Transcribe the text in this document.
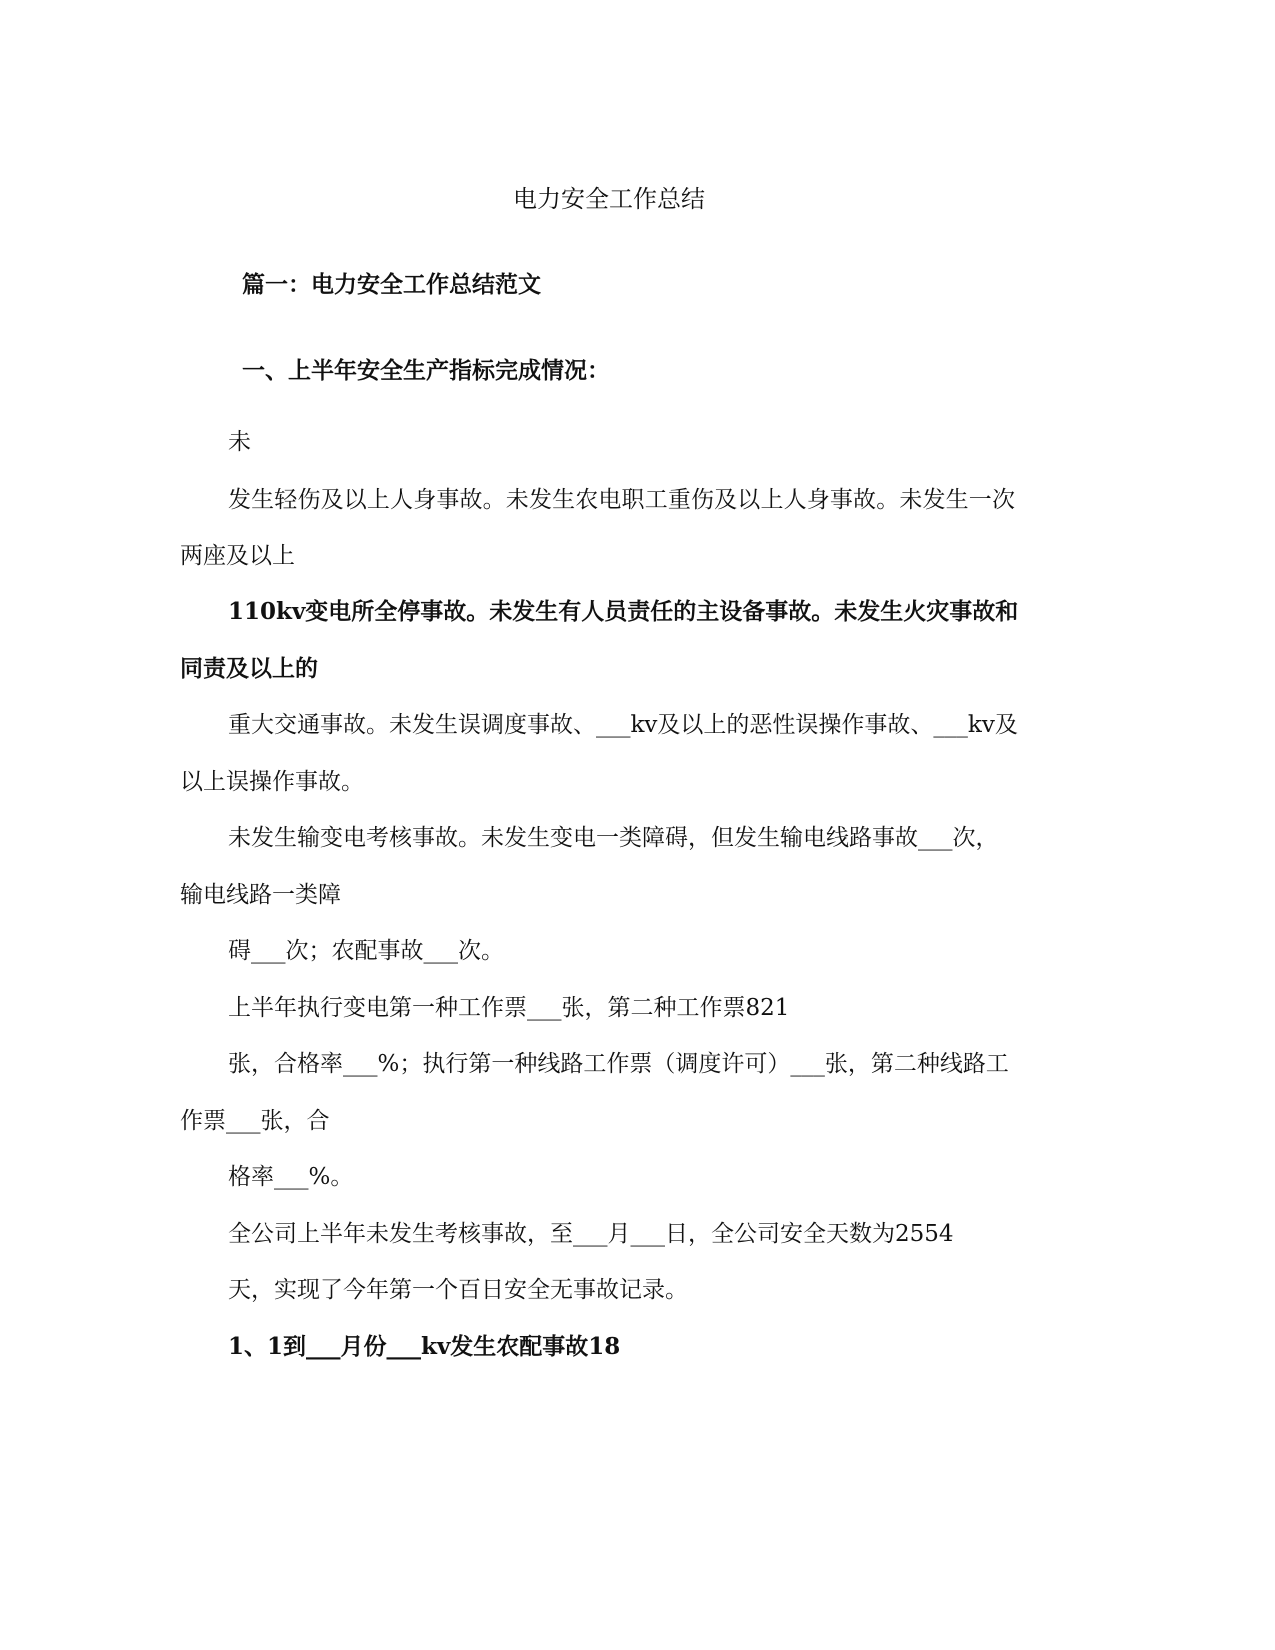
电力安全工作总结

篇一：电力安全工作总结范文

一、上半年安全生产指标完成情况：

未

发生轻伤及以上人身事故。未发生农电职工重伤及以上人身事故。未发生一次

两座及以上

110kv变电所全停事故。未发生有人员责任的主设备事故。未发生火灾事故和

同责及以上的

重大交通事故。未发生误调度事故、___kv及以上的恶性误操作事故、___kv及

以上误操作事故。

未发生输变电考核事故。未发生变电一类障碍，但发生输电线路事故___次，

输电线路一类障

碍___次；农配事故___次。

上半年执行变电第一种工作票___张，第二种工作票821

张，合格率___%；执行第一种线路工作票（调度许可）___张，第二种线路工

作票___张，合

格率___%。

全公司上半年未发生考核事故，至___月___日，全公司安全天数为2554

天，实现了今年第一个百日安全无事故记录。

1、1到___月份___kv发生农配事故18
